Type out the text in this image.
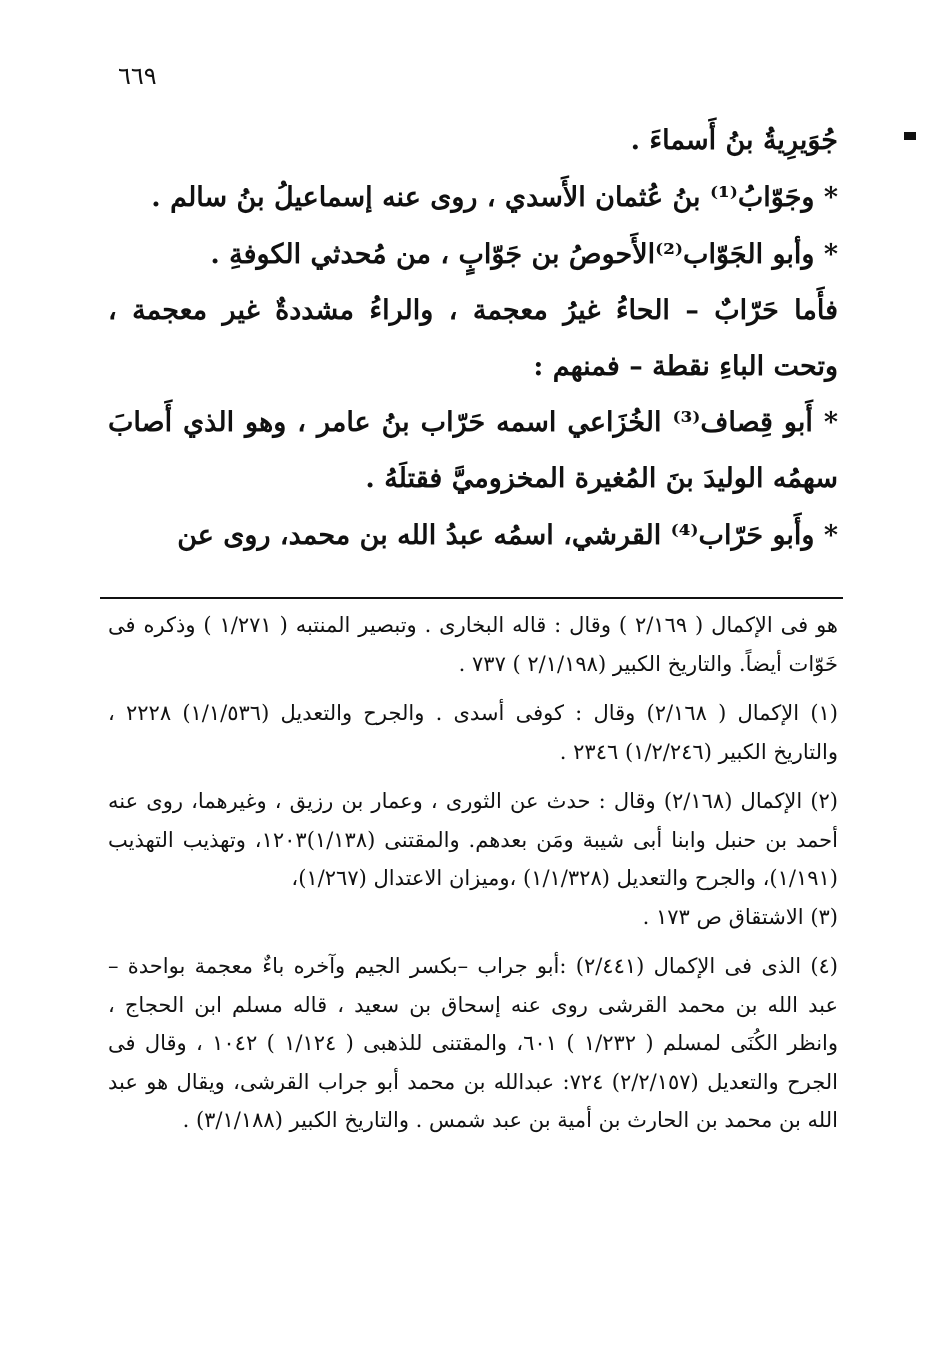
٦٦٩

جُوَيرِيةُ بنُ أَسماءَ .

* وجَوّابُ⁽¹⁾ بنُ عُثمان الأَسدي ، روى عنه إسماعيلُ بنُ سالم .

* وأبو الجَوّاب⁽²⁾الأَحوصُ بن جَوّابٍ ، من مُحدثي الكوفةِ .

فأَما حَرّابٌ – الحاءُ غيرُ معجمة ، والراءُ مشددةٌ غير معجمة ، وتحت الباءِ نقطة – فمنهم :

* أَبو قِصاف⁽³⁾ الخُزَاعي اسمه حَرّاب بنُ عامر ، وهو الذي أَصابَ سهمُه الوليدَ بنَ المُغيرة المخزوميَّ فقتلَهُ .

* وأَبو حَرّاب⁽⁴⁾ القرشي، اسمُه عبدُ الله بن محمد، روى عن

هو فى الإكمال ( ٢/١٦٩ ) وقال : قاله البخارى . وتبصير المنتبه ( ١/٢٧١ ) وذكره فى خَوّات أيضاً. والتاريخ الكبير (٢/١/١٩٨ ) ٧٣٧ .

(١) الإكمال ( ٢/١٦٨) وقال : كوفى أسدى . والجرح والتعديل (١/١/٥٣٦) ٢٢٢٨ ، والتاريخ الكبير (١/٢/٢٤٦) ٢٣٤٦ .

(٢) الإكمال (٢/١٦٨) وقال : حدث عن الثورى ، وعمار بن رزيق ، وغيرهما، روى عنه أحمد بن حنبل وابنا أبى شيبة ومَن بعدهم. والمقتنى (١/١٣٨)١٢٠٣، وتهذيب التهذيب (١/١٩١)، والجرح والتعديل (١/١/٣٢٨) ،وميزان الاعتدال (١/٢٦٧)،

(٣) الاشتقاق ص ١٧٣ .

(٤) الذى فى الإكمال (٢/٤٤١) :أبو جراب –بكسر الجيم وآخره باءٌ معجمة بواحدة – عبد الله بن محمد القرشى روى عنه إسحاق بن سعيد ، قاله مسلم ابن الحجاج ، وانظر الكُنَى لمسلم ( ١/٢٣٢ ) ٦٠١، والمقتنى للذهبى ( ١/١٢٤ ) ١٠٤٢ ، وقال فى الجرح والتعديل (٢/٢/١٥٧) ٧٢٤: عبدالله بن محمد أبو جراب القرشى، ويقال هو عبد الله بن محمد بن الحارث بن أمية بن عبد شمس . والتاريخ الكبير (٣/١/١٨٨) .
